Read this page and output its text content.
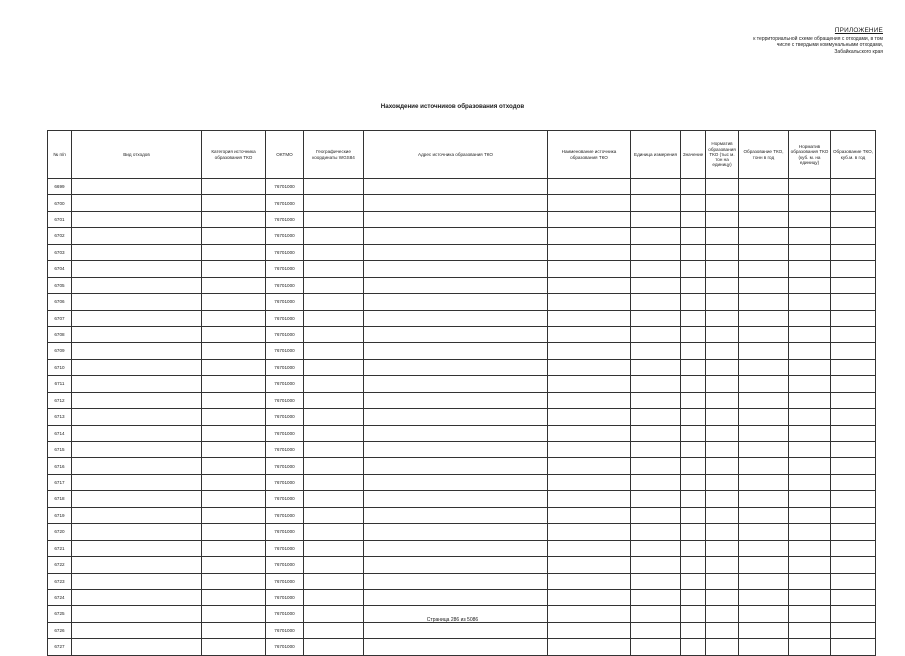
ПРИЛОЖЕНИЕ
к территориальной схеме обращения с отходами, в том
числе с твердыми коммунальными отходами,
Забайкальского края
Нахождение источников образования отходов
№ п/п	Вид отходов	Категория источника образования ТКО	ОКТМО	Географические координаты WGS84	Адрес источника образования ТКО	Наименование источника образования ТКО	Единица измерения	Значение	Норматив образования ТКО (тыс м. тон на единицу)	Образование ТКО, тонн в год	Норматив образования ТКО (куб. м. на единицу)	Образование ТКО, куб.м. в год
6699			76701000									
6700			76701000									
6701			76701000									
6702			76701000									
6703			76701000									
6704			76701000									
6705			76701000									
6706			76701000									
6707			76701000									
6708			76701000									
6709			76701000									
6710			76701000									
6711			76701000									
6712			76701000									
6713			76701000									
6714			76701000									
6715			76701000									
6716			76701000									
6717			76701000									
6718			76701000									
6719			76701000									
6720			76701000									
6721			76701000									
6722			76701000									
6723			76701000									
6724			76701000									
6725			76701000									
6726			76701000									
6727			76701000									
Страница 286 из 5086
